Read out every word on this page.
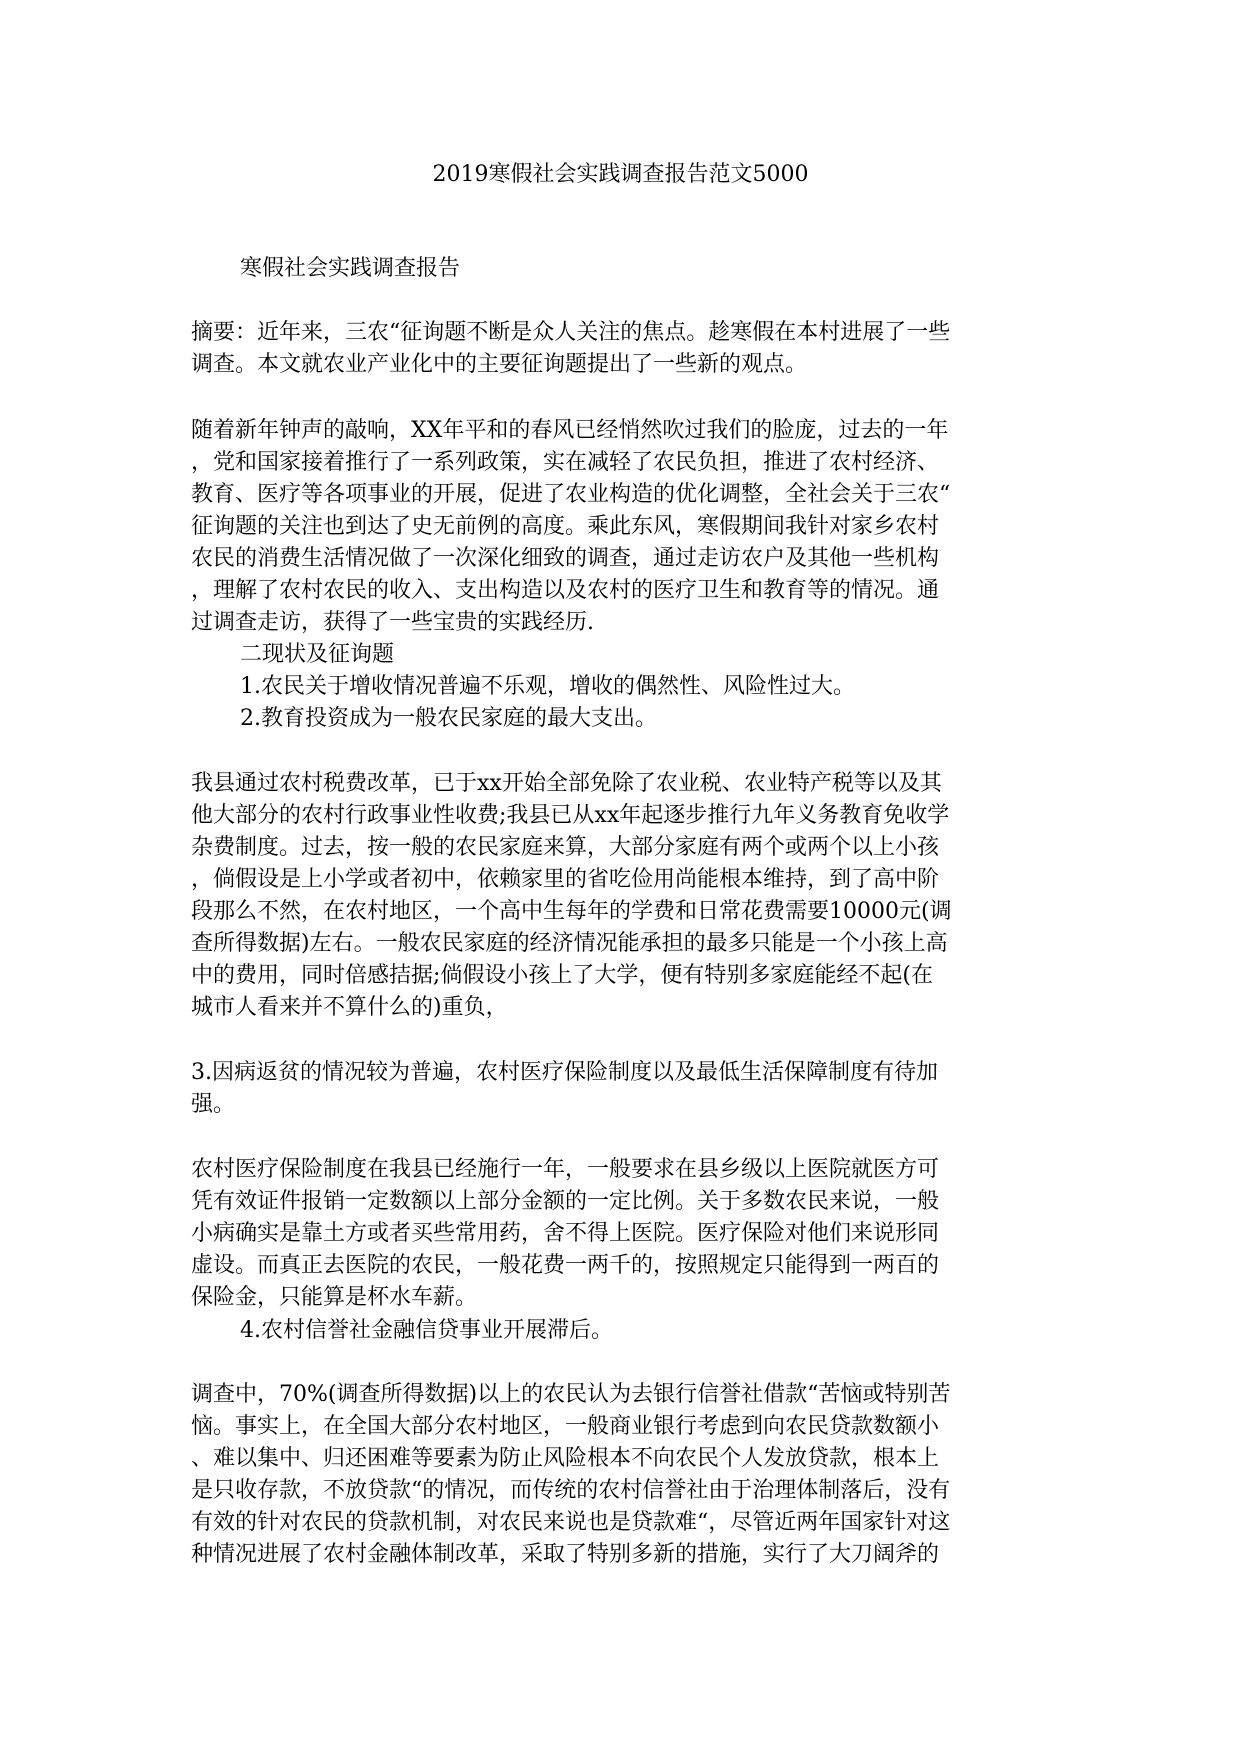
2019寒假社会实践调查报告范文5000
寒假社会实践调查报告
摘要：近年来，三农“征询题不断是众人关注的焦点。趁寒假在本村进展了一些
调查。本文就农业产业化中的主要征询题提出了一些新的观点。
随着新年钟声的敲响，XX年平和的春风已经悄然吹过我们的脸庞，过去的一年
，党和国家接着推行了一系列政策，实在减轻了农民负担，推进了农村经济、
教育、医疗等各项事业的开展，促进了农业构造的优化调整，全社会关于三农“
征询题的关注也到达了史无前例的高度。乘此东风，寒假期间我针对家乡农村
农民的消费生活情况做了一次深化细致的调查，通过走访农户及其他一些机构
，理解了农村农民的收入、支出构造以及农村的医疗卫生和教育等的情况。通
过调查走访，获得了一些宝贵的实践经历.
二现状及征询题
1.农民关于增收情况普遍不乐观，增收的偶然性、风险性过大。
2.教育投资成为一般农民家庭的最大支出。
我县通过农村税费改革，已于xx开始全部免除了农业税、农业特产税等以及其
他大部分的农村行政事业性收费;我县已从xx年起逐步推行九年义务教育免收学
杂费制度。过去，按一般的农民家庭来算，大部分家庭有两个或两个以上小孩
，倘假设是上小学或者初中，依赖家里的省吃俭用尚能根本维持，到了高中阶
段那么不然，在农村地区，一个高中生每年的学费和日常花费需要10000元(调
查所得数据)左右。一般农民家庭的经济情况能承担的最多只能是一个小孩上高
中的费用，同时倍感拮据;倘假设小孩上了大学，便有特别多家庭能经不起(在
城市人看来并不算什么的)重负，
3.因病返贫的情况较为普遍，农村医疗保险制度以及最低生活保障制度有待加
强。
农村医疗保险制度在我县已经施行一年，一般要求在县乡级以上医院就医方可
凭有效证件报销一定数额以上部分金额的一定比例。关于多数农民来说，一般
小病确实是靠土方或者买些常用药，舍不得上医院。医疗保险对他们来说形同
虚设。而真正去医院的农民，一般花费一两千的，按照规定只能得到一两百的
保险金，只能算是杯水车薪。
4.农村信誉社金融信贷事业开展滞后。
调查中，70%(调查所得数据)以上的农民认为去银行信誉社借款“苦恼或特别苦
恼。事实上，在全国大部分农村地区，一般商业银行考虑到向农民贷款数额小
、难以集中、归还困难等要素为防止风险根本不向农民个人发放贷款，根本上
是只收存款，不放贷款“的情况，而传统的农村信誉社由于治理体制落后，没有
有效的针对农民的贷款机制，对农民来说也是贷款难“，尽管近两年国家针对这
种情况进展了农村金融体制改革，采取了特别多新的措施，实行了大刀阔斧的
